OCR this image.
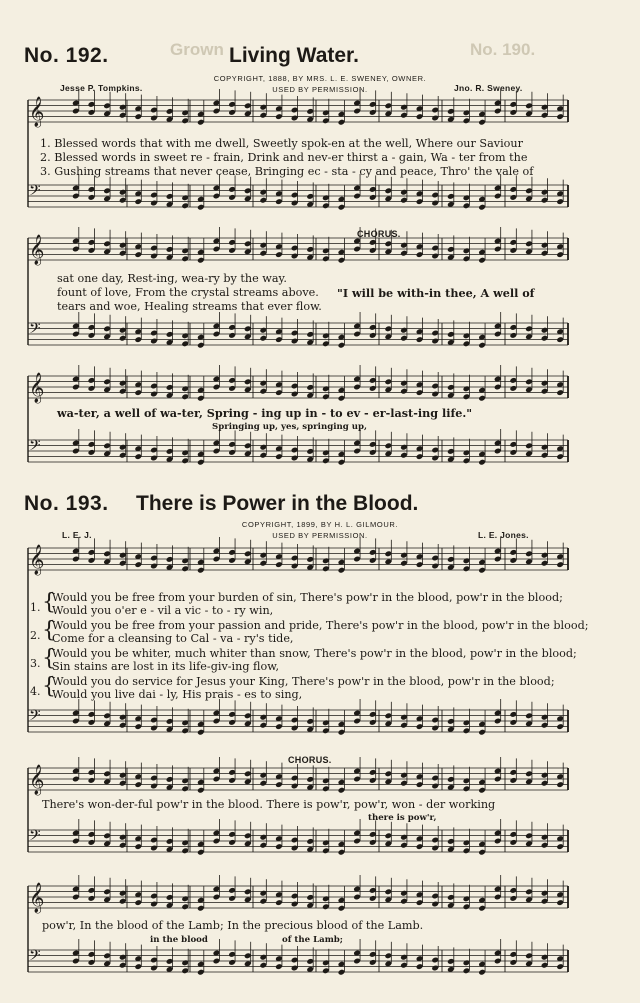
No. 190.
Grown
𝄞
𝄢
𝄞
𝄢
𝄞
𝄢
𝄞
𝄢
𝄞
𝄢
𝄞
𝄢
No. 192.	Living Water.
COPYRIGHT, 1888, BY MRS. L. E. SWENEY, OWNER.
Jesse P. Tompkins.	USED BY PERMISSION.	Jno. R. Sweney.
1. Blessed words that with me dwell, Sweetly spok-en at the well, Where our Saviour
2. Blessed words in sweet re - frain, Drink and nev-er thirst a - gain, Wa - ter from the
3. Gushing streams that never cease, Bringing ec - sta - cy and peace, Thro' the vale of
CHORUS.
sat one day, Rest-ing, wea-ry by the way.
fount of love, From the crystal streams above. "I will be with-in thee, A well of
tears and woe, Healing streams that ever flow.
wa-ter, a well of wa-ter, Spring - ing up in - to ev - er-last-ing life."
Springing up, yes, springing up,
No. 193. There is Power in the Blood.
COPYRIGHT, 1899, BY H. L. GILMOUR.
L. E. J.	USED BY PERMISSION.	L. E. Jones.
1. {
Would you be free from your burden of sin, There's pow'r in the blood, pow'r in the blood;
Would you o'er e - vil a vic - to - ry win,
2. {
Would you be free from your passion and pride, There's pow'r in the blood, pow'r in the blood;
Come for a cleansing to Cal - va - ry's tide,
3. {
Would you be whiter, much whiter than snow, There's pow'r in the blood, pow'r in the blood;
Sin stains are lost in its life-giv-ing flow,
4. {
Would you do service for Jesus your King, There's pow'r in the blood, pow'r in the blood;
Would you live dai - ly, His prais - es to sing,
CHORUS.
There's won-der-ful pow'r in the blood. There is pow'r, pow'r, won - der working
there is pow'r,
pow'r, In the blood of the Lamb; In the precious blood of the Lamb.
in the blood	of the Lamb;
